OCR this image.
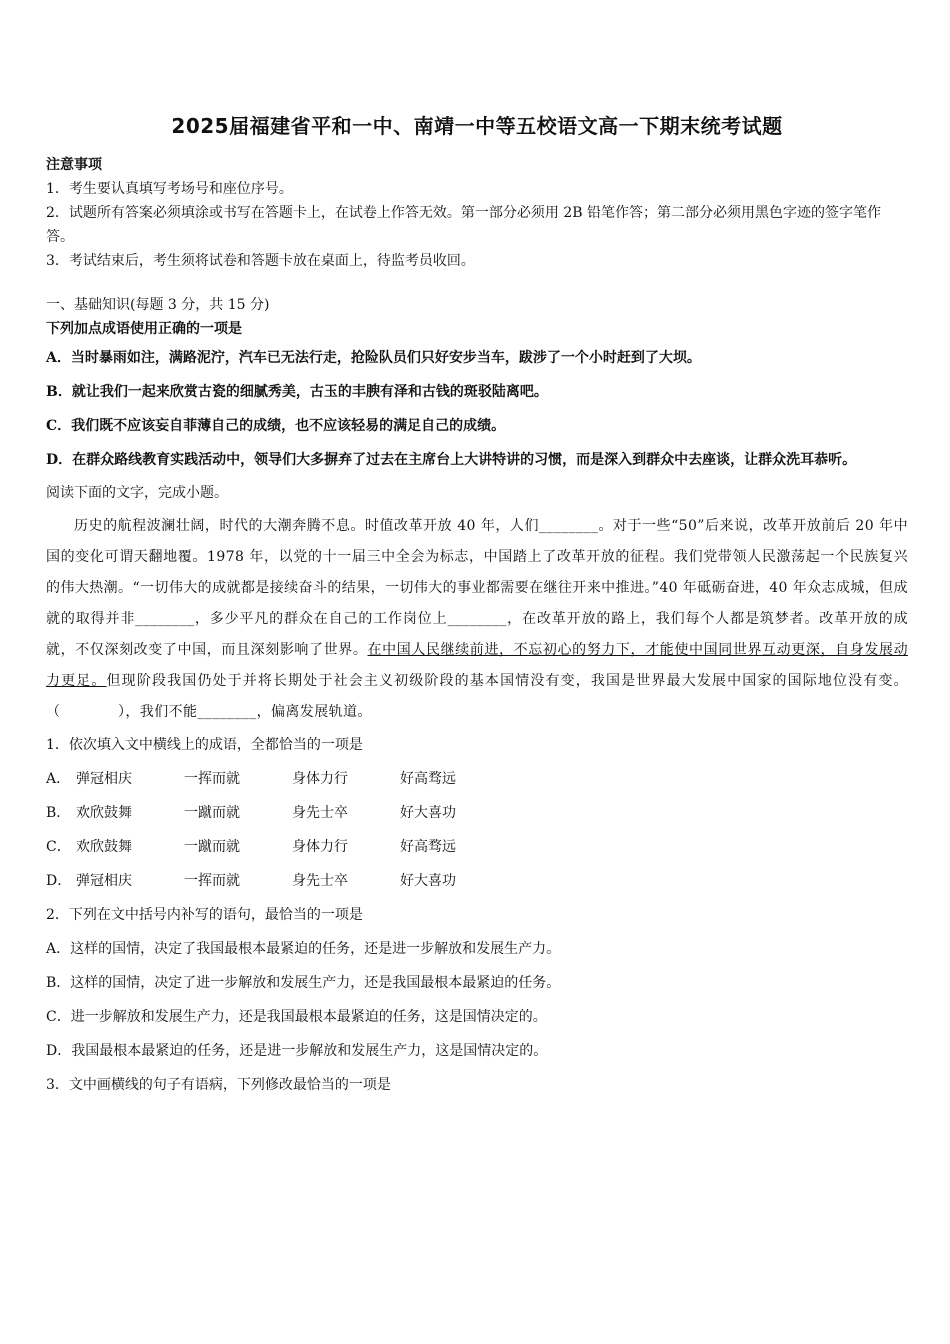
2025届福建省平和一中、南靖一中等五校语文高一下期末统考试题
注意事项

1．考生要认真填写考场号和座位序号。

2．试题所有答案必须填涂或书写在答题卡上，在试卷上作答无效。第一部分必须用 2B 铅笔作答；第二部分必须用黑色字迹的签字笔作答。

3．考试结束后，考生须将试卷和答题卡放在桌面上，待监考员收回。

一、基础知识(每题 3 分，共 15 分)
下列加点成语使用正确的一项是

A．当时暴雨如注，满路泥泞，汽车已无法行走，抢险队员们只好安步当车，跋涉了一个小时赶到了大坝。

B．就让我们一起来欣赏古瓷的细腻秀美，古玉的丰腴有泽和古钱的斑驳陆离吧。

C．我们既不应该妄自菲薄自己的成绩，也不应该轻易的满足自己的成绩。

D．在群众路线教育实践活动中，领导们大多摒弃了过去在主席台上大讲特讲的习惯，而是深入到群众中去座谈，让群众洗耳恭听。

阅读下面的文字，完成小题。

历史的航程波澜壮阔，时代的大潮奔腾不息。时值改革开放 40 年，人们________。对于一些“50”后来说，改革开放前后 20 年中国的变化可谓天翻地覆。1978 年，以党的十一届三中全会为标志，中国踏上了改革开放的征程。我们党带领人民激荡起一个民族复兴的伟大热潮。“一切伟大的成就都是接续奋斗的结果，一切伟大的事业都需要在继往开来中推进。”40 年砥砺奋进，40 年众志成城，但成就的取得并非________，多少平凡的群众在自己的工作岗位上________，在改革开放的路上，我们每个人都是筑梦者。改革开放的成就，不仅深刻改变了中国，而且深刻影响了世界。在中国人民继续前进，不忘初心的努力下，才能使中国同世界互动更深，自身发展动力更足。但现阶段我国仍处于并将长期处于社会主义初级阶段的基本国情没有变，我国是世界最大发展中国家的国际地位没有变。（　　　　），我们不能________，偏离发展轨道。

1．依次填入文中横线上的成语，全都恰当的一项是

A． 弹冠相庆	一挥而就	身体力行	好高骛远
B． 欢欣鼓舞	一蹴而就	身先士卒	好大喜功
C． 欢欣鼓舞	一蹴而就	身体力行	好高骛远
D． 弹冠相庆	一挥而就	身先士卒	好大喜功

2．下列在文中括号内补写的语句，最恰当的一项是

A．这样的国情，决定了我国最根本最紧迫的任务，还是进一步解放和发展生产力。

B．这样的国情，决定了进一步解放和发展生产力，还是我国最根本最紧迫的任务。

C．进一步解放和发展生产力，还是我国最根本最紧迫的任务，这是国情决定的。

D．我国最根本最紧迫的任务，还是进一步解放和发展生产力，这是国情决定的。

3．文中画横线的句子有语病，下列修改最恰当的一项是
